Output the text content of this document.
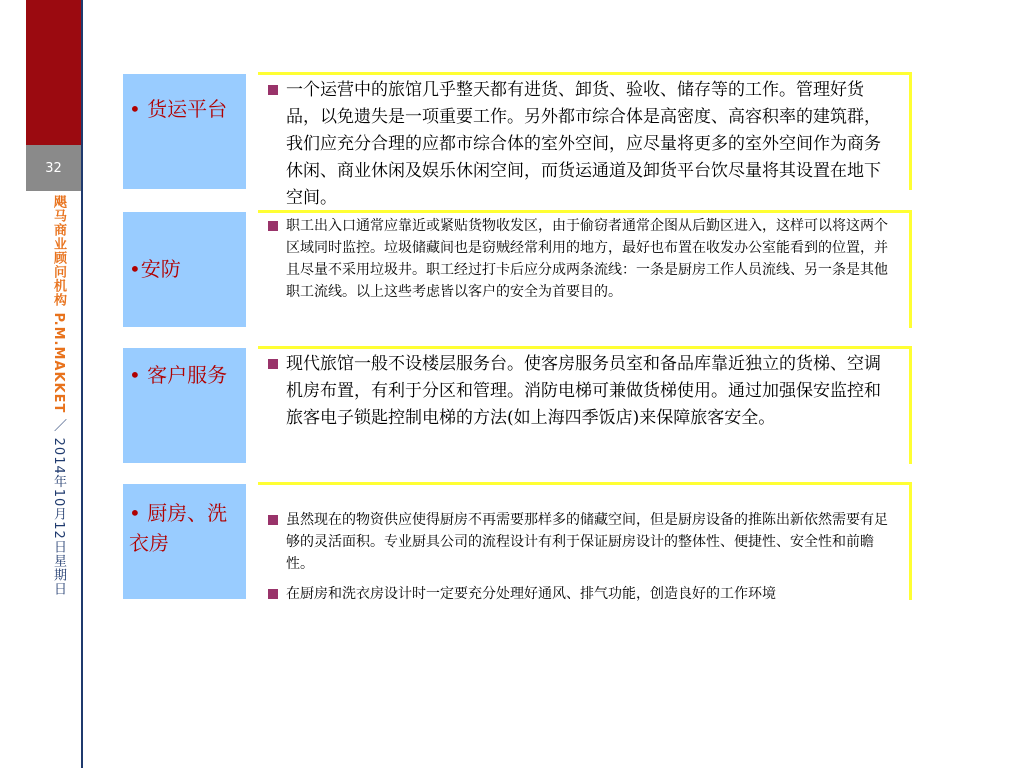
32
飓马商业顾问机构 P.M.MAKKET ／ 2014年10月12日星期日
• 货运平台
一个运营中的旅馆几乎整天都有进货、卸货、验收、储存等的工作。管理好货品，以免遗失是一项重要工作。另外都市综合体是高密度、高容积率的建筑群，我们应充分合理的应都市综合体的室外空间，应尽量将更多的室外空间作为商务休闲、商业休闲及娱乐休闲空间，而货运通道及卸货平台饮尽量将其设置在地下空间。
•安防
职工出入口通常应靠近或紧贴货物收发区，由于偷窃者通常企图从后勤区进入，这样可以将这两个区域同时监控。垃圾储藏间也是窃贼经常利用的地方，最好也布置在收发办公室能看到的位置，并且尽量不采用垃圾井。职工经过打卡后应分成两条流线：一条是厨房工作人员流线、另一条是其他职工流线。以上这些考虑皆以客户的安全为首要目的。
• 客户服务	现代旅馆一般不设楼层服务台。使客房服务员室和备品库靠近独立的货梯、空调机房布置，有利于分区和管理。消防电梯可兼做货梯使用。通过加强保安监控和旅客电子锁匙控制电梯的方法(如上海四季饭店)来保障旅客安全。
• 厨房、洗衣房
虽然现在的物资供应使得厨房不再需要那样多的储藏空间，但是厨房设备的推陈出新依然需要有足够的灵活面积。专业厨具公司的流程设计有利于保证厨房设计的整体性、便捷性、安全性和前瞻性。
在厨房和洗衣房设计时一定要充分处理好通风、排气功能，创造良好的工作环境
